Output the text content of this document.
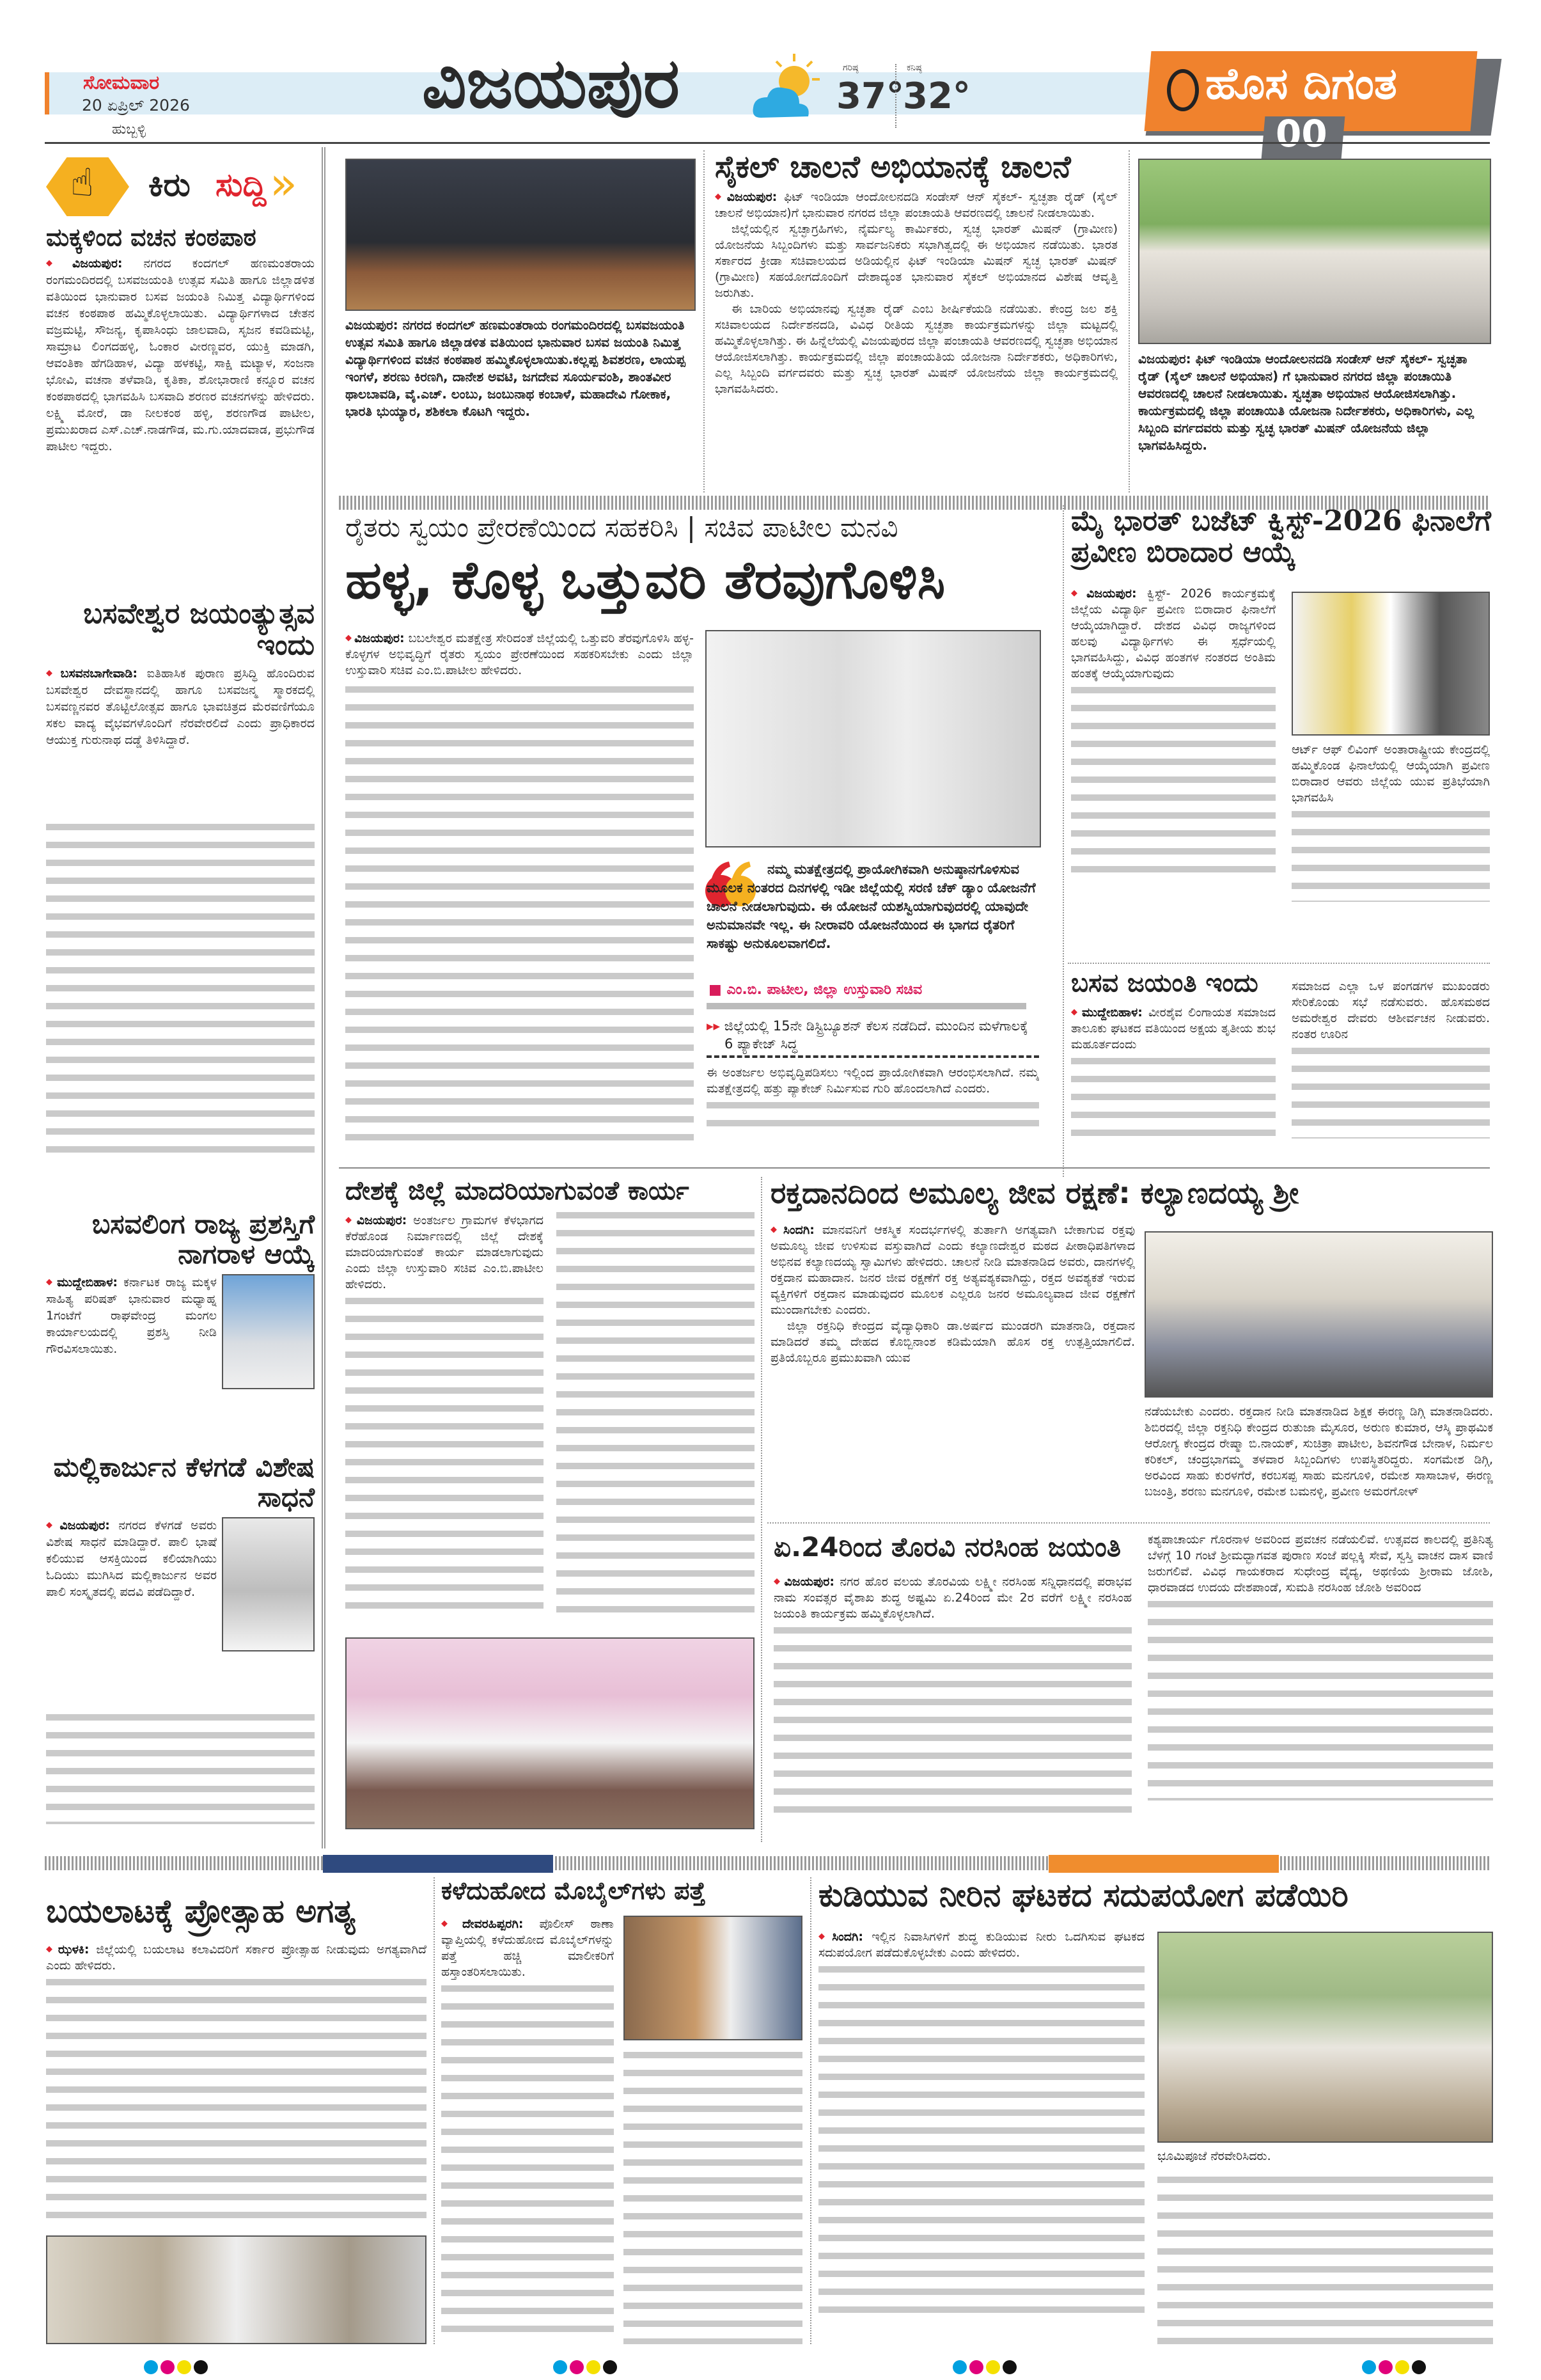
ಸೋಮವಾರ
20 ಏಪ್ರಿಲ್ 2026
ಹುಬ್ಬಳ್ಳಿ
ವಿಜಯಪುರ	ಗರಿಷ್ಠ
37°
ಕನಿಷ್ಠ
32°	ಹೊಸ ದಿಗಂತ
00
☝ ಕಿರು ಸುದ್ದಿ »
ಮಕ್ಕಳಿಂದ ವಚನ ಕಂಠಪಾಠ
◆ ವಿಜಯಪುರ: ನಗರದ ಕಂದಗಲ್ ಹಣಮಂತರಾಯ ರಂಗಮಂದಿರದಲ್ಲಿ ಬಸವಜಯಂತಿ ಉತ್ಸವ ಸಮಿತಿ ಹಾಗೂ ಜಿಲ್ಲಾಡಳಿತ ವತಿಯಿಂದ ಭಾನುವಾರ ಬಸವ ಜಯಂತಿ ನಿಮಿತ್ತ ವಿದ್ಯಾರ್ಥಿಗಳಿಂದ ವಚನ ಕಂಠಪಾಠ ಹಮ್ಮಿಕೊಳ್ಳಲಾಯಿತು. ವಿದ್ಯಾರ್ಥಿಗಳಾದ ಚೇತನ ವಜ್ರಮಟ್ಟಿ, ಸೌಜನ್ಯ, ಕೃಪಾಸಿಂಧು ಜಾಲವಾದಿ, ಸೃಜನ ಕವಡಿಮಟ್ಟಿ, ಸಾಮ್ರಾಟ ಲಿಂಗದಹಳ್ಳಿ, ಓಂಕಾರ ವೀರಣ್ಣವರ, ಯುಕ್ತಿ ಮಾಡಗಿ, ಆವಂತಿಕಾ ಹೆಗಡಿಹಾಳ, ವಿದ್ಯಾ ಹಳಕಟ್ಟಿ, ಸಾಕ್ಷಿ ಮಟ್ಯಾಳ, ಸಂಜನಾ ಭೋವಿ, ವಚನಾ ತಳೆವಾಡಿ, ಕೃತಿಕಾ, ಶೋಭಾರಾಣಿ ಕನ್ನೂರ ವಚನ ಕಂಠಪಾಠದಲ್ಲಿ ಭಾಗವಹಿಸಿ ಬಸವಾದಿ ಶರಣರ ವಚನಗಳನ್ನು ಹೇಳಿದರು. ಲಕ್ಷ್ಮಿ ಮೋರೆ, ಡಾ ನೀಲಕಂಠ ಹಳ್ಳಿ, ಶರಣಗೌಡ ಪಾಟೀಲ, ಪ್ರಮುಖರಾದ ಎಸ್.ಎಚ್.ನಾಡಗೌಡ, ಮ.ಗು.ಯಾದವಾಡ, ಪ್ರಭುಗೌಡ ಪಾಟೀಲ ಇದ್ದರು.
ಬಸವೇಶ್ವರ ಜಯಂತ್ಯುತ್ಸವ ಇಂದು
◆ ಬಸವನಬಾಗೇವಾಡಿ: ಐತಿಹಾಸಿಕ ಪುರಾಣ ಪ್ರಸಿದ್ಧಿ ಹೊಂದಿರುವ ಬಸವೇಶ್ವರ ದೇವಸ್ಥಾನದಲ್ಲಿ ಹಾಗೂ ಬಸವಜನ್ಮ ಸ್ಮಾರಕದಲ್ಲಿ ಬಸವಣ್ಣನವರ ತೊಟ್ಟಿಲೋತ್ಸವ ಹಾಗೂ ಭಾವಚಿತ್ರದ ಮೆರವಣಿಗೆಯೂ ಸಕಲ ವಾದ್ಯ ವೈಭವಗಳೊಂದಿಗೆ ನೆರವೇರಲಿದೆ ಎಂದು ಪ್ರಾಧಿಕಾರದ ಆಯುಕ್ತ ಗುರುನಾಥ ದಡ್ಡೆ ತಿಳಿಸಿದ್ದಾರೆ.
ಬಸವಲಿಂಗ ರಾಜ್ಯ ಪ್ರಶಸ್ತಿಗೆ ನಾಗರಾಳ ಆಯ್ಕೆ
◆ ಮುದ್ದೇಬಿಹಾಳ: ಕರ್ನಾಟಕ ರಾಜ್ಯ ಮಕ್ಕಳ ಸಾಹಿತ್ಯ ಪರಿಷತ್ ಭಾನುವಾರ ಮಧ್ಯಾಹ್ನ 1ಗಂಟೆಗೆ ರಾಘವೇಂದ್ರ ಮಂಗಲ ಕಾರ್ಯಾಲಯದಲ್ಲಿ ಪ್ರಶಸ್ತಿ ನೀಡಿ ಗೌರವಿಸಲಾಯಿತು.
ಮಲ್ಲಿಕಾರ್ಜುನ ಕೆಳಗಡೆ ವಿಶೇಷ ಸಾಧನೆ
◆ ವಿಜಯಪುರ: ನಗರದ ಕೆಳಗಡೆ ಅವರು ವಿಶೇಷ ಸಾಧನೆ ಮಾಡಿದ್ದಾರೆ. ಪಾಲಿ ಭಾಷೆ ಕಲಿಯುವ ಆಸಕ್ತಿಯಿಂದ ಕಲಿಯಾಗಿಯು ಓದಿಯು ಮುಗಿಸಿದ ಮಲ್ಲಿಕಾರ್ಜುನ ಅವರ ಪಾಲಿ ಸಂಸ್ಕೃತದಲ್ಲಿ ಪದವಿ ಪಡೆದಿದ್ದಾರೆ.
ವಿಜಯಪುರ: ನಗರದ ಕಂದಗಲ್ ಹಣಮಂತರಾಯ ರಂಗಮಂದಿರದಲ್ಲಿ ಬಸವಜಯಂತಿ ಉತ್ಸವ ಸಮಿತಿ ಹಾಗೂ ಜಿಲ್ಲಾಡಳಿತ ವತಿಯಿಂದ ಭಾನುವಾರ ಬಸವ ಜಯಂತಿ ನಿಮಿತ್ತ ವಿದ್ಯಾರ್ಥಿಗಳಿಂದ ವಚನ ಕಂಠಪಾಠ ಹಮ್ಮಿಕೊಳ್ಳಲಾಯಿತು.ಕಲ್ಲಪ್ಪ ಶಿವಶರಣ, ಲಾಯಪ್ಪ ಇಂಗಳೆ, ಶರಣು ಕಿರಣಗಿ, ದಾನೇಶ ಅವಟಿ, ಜಗದೇವ ಸೂರ್ಯವಂಶಿ, ಶಾಂತವೀರ ಥಾಲಬಾವಡಿ, ವೈ.ಎಚ್. ಲಂಬು, ಜಂಬುನಾಥ ಕಂಬಾಳೆ, ಮಹಾದೇವಿ ಗೋಕಾಕ, ಭಾರತಿ ಭುಯ್ಯಾರ, ಶಶಿಕಲಾ ಕೊಟಗಿ ಇದ್ದರು.
ಸೈಕಲ್ ಚಾಲನೆ ಅಭಿಯಾನಕ್ಕೆ ಚಾಲನೆ

◆ ವಿಜಯಪುರ: ಫಿಟ್ ಇಂಡಿಯಾ ಆಂದೋಲನದಡಿ ಸಂಡೇಸ್ ಆನ್ ಸೈಕಲ್- ಸ್ವಚ್ಛತಾ ರೈಡ್ (ಸೈಲ್ ಚಾಲನೆ ಅಭಿಯಾನ)ಗೆ ಭಾನುವಾರ ನಗರದ ಜಿಲ್ಲಾ ಪಂಚಾಯತಿ ಆವರಣದಲ್ಲಿ ಚಾಲನೆ ನೀಡಲಾಯಿತು.

ಜಿಲ್ಲೆಯಲ್ಲಿನ ಸ್ವಚ್ಛಾಗ್ರಹಿಗಳು, ನೈರ್ಮಲ್ಯ ಕಾರ್ಮಿಕರು, ಸ್ವಚ್ಛ ಭಾರತ್ ಮಿಷನ್ (ಗ್ರಾಮೀಣ) ಯೋಜನೆಯ ಸಿಬ್ಬಂದಿಗಳು ಮತ್ತು ಸಾರ್ವಜನಿಕರು ಸಭಾಗಿತ್ವದಲ್ಲಿ ಈ ಅಭಿಯಾನ ನಡೆಯಿತು. ಭಾರತ ಸರ್ಕಾರದ ಕ್ರೀಡಾ ಸಚಿವಾಲಯದ ಅಡಿಯಲ್ಲಿನ ಫಿಟ್ ಇಂಡಿಯಾ ಮಿಷನ್ ಸ್ವಚ್ಛ ಭಾರತ್ ಮಿಷನ್ (ಗ್ರಾಮೀಣ) ಸಹಯೋಗದೊಂದಿಗೆ ದೇಶಾದ್ಯಂತ ಭಾನುವಾರ ಸೈಕಲ್ ಅಭಿಯಾನದ ವಿಶೇಷ ಆವೃತ್ತಿ ಜರುಗಿತು.

ಈ ಬಾರಿಯ ಅಭಿಯಾನವು ಸ್ವಚ್ಛತಾ ರೈಡ್ ಎಂಬ ಶೀರ್ಷಿಕೆಯಡಿ ನಡೆಯಿತು. ಕೇಂದ್ರ ಜಲ ಶಕ್ತಿ ಸಚಿವಾಲಯದ ನಿರ್ದೇಶನದಡಿ, ವಿವಿಧ ರೀತಿಯ ಸ್ವಚ್ಛತಾ ಕಾರ್ಯಕ್ರಮಗಳನ್ನು ಜಿಲ್ಲಾ ಮಟ್ಟದಲ್ಲಿ ಹಮ್ಮಿಕೊಳ್ಳಲಾಗಿತ್ತು. ಈ ಹಿನ್ನೆಲೆಯಲ್ಲಿ ವಿಜಯಪುರದ ಜಿಲ್ಲಾ ಪಂಚಾಯತಿ ಆವರಣದಲ್ಲಿ ಸ್ವಚ್ಛತಾ ಅಭಿಯಾನ ಆಯೋಜಿಸಲಾಗಿತ್ತು. ಕಾರ್ಯಕ್ರಮದಲ್ಲಿ ಜಿಲ್ಲಾ ಪಂಚಾಯತಿಯ ಯೋಜನಾ ನಿರ್ದೇಶಕರು, ಅಧಿಕಾರಿಗಳು, ಎಲ್ಲ ಸಿಬ್ಬಂದಿ ವರ್ಗದವರು ಮತ್ತು ಸ್ವಚ್ಛ ಭಾರತ್ ಮಿಷನ್ ಯೋಜನೆಯ ಜಿಲ್ಲಾ ಕಾರ್ಯಕ್ರಮದಲ್ಲಿ ಭಾಗವಹಿಸಿದರು.

ವಿಜಯಪುರ: ಫಿಟ್ ಇಂಡಿಯಾ ಆಂದೋಲನದಡಿ ಸಂಡೇಸ್ ಆನ್ ಸೈಕಲ್- ಸ್ವಚ್ಛತಾ ರೈಡ್ (ಸೈಲ್ ಚಾಲನೆ ಅಭಿಯಾನ) ಗೆ ಭಾನುವಾರ ನಗರದ ಜಿಲ್ಲಾ ಪಂಚಾಯಿತಿ ಆವರಣದಲ್ಲಿ ಚಾಲನೆ ನೀಡಲಾಯಿತು. ಸ್ವಚ್ಛತಾ ಅಭಿಯಾನ ಆಯೋಜಿಸಲಾಗಿತ್ತು. ಕಾರ್ಯಕ್ರಮದಲ್ಲಿ ಜಿಲ್ಲಾ ಪಂಚಾಯಿತಿ ಯೋಜನಾ ನಿರ್ದೇಶಕರು, ಅಧಿಕಾರಿಗಳು, ಎಲ್ಲ ಸಿಬ್ಬಂದಿ ವರ್ಗದವರು ಮತ್ತು ಸ್ವಚ್ಛ ಭಾರತ್ ಮಿಷನ್ ಯೋಜನೆಯ ಜಿಲ್ಲಾ ಭಾಗವಹಿಸಿದ್ದರು.
ರೈತರು ಸ್ವಯಂ ಪ್ರೇರಣೆಯಿಂದ ಸಹಕರಿಸಿ | ಸಚಿವ ಪಾಟೀಲ ಮನವಿ
ಹಳ್ಳ, ಕೊಳ್ಳ ಒತ್ತುವರಿ ತೆರವುಗೊಳಿಸಿ
◆ ವಿಜಯಪುರ: ಬಬಲೇಶ್ವರ ಮತಕ್ಷೇತ್ರ ಸೇರಿದಂತೆ ಜಿಲ್ಲೆಯಲ್ಲಿ ಒತ್ತುವರಿ ತೆರವುಗೊಳಿಸಿ ಹಳ್ಳ-ಕೊಳ್ಳಗಳ ಅಭಿವೃದ್ಧಿಗೆ ರೈತರು ಸ್ವಯಂ ಪ್ರೇರಣೆಯಿಂದ ಸಹಕರಿಸಬೇಕು ಎಂದು ಜಿಲ್ಲಾ ಉಸ್ತುವಾರಿ ಸಚಿವ ಎಂ.ಬಿ.ಪಾಟೀಲ ಹೇಳಿದರು.
ನಮ್ಮ ಮತಕ್ಷೇತ್ರದಲ್ಲಿ ಪ್ರಾಯೋಗಿಕವಾಗಿ ಅನುಷ್ಠಾನಗೊಳಿಸುವ ಮೂಲಕ ನಂತರದ ದಿನಗಳಲ್ಲಿ ಇಡೀ ಜಿಲ್ಲೆಯಲ್ಲಿ ಸರಣಿ ಚೆಕ್ ಡ್ಯಾಂ ಯೋಜನೆಗೆ ಚಾಲನೆ ನೀಡಲಾಗುವುದು. ಈ ಯೋಜನೆ ಯಶಸ್ವಿಯಾಗುವುದರಲ್ಲಿ ಯಾವುದೇ ಅನುಮಾನವೇ ಇಲ್ಲ. ಈ ನೀರಾವರಿ ಯೋಜನೆಯಿಂದ ಈ ಭಾಗದ ರೈತರಿಗೆ ಸಾಕಷ್ಟು ಅನುಕೂಲವಾಗಲಿದೆ.
■ ಎಂ.ಬಿ. ಪಾಟೀಲ, ಜಿಲ್ಲಾ ಉಸ್ತುವಾರಿ ಸಚಿವ
▸▸ ಜಿಲ್ಲೆಯಲ್ಲಿ 15ನೇ ಡಿಸ್ಟ್ರಿಬ್ಯೂಶನ್ ಕೆಲಸ ನಡೆದಿದೆ. ಮುಂದಿನ ಮಳೆಗಾಲಕ್ಕೆ 6 ಪ್ಯಾಕೇಜ್ ಸಿದ್ಧ
ಈ ಅಂತರ್ಜಲ ಅಭಿವೃದ್ಧಿಪಡಿಸಲು ಇಲ್ಲಿಂದ ಪ್ರಾಯೋಗಿಕವಾಗಿ ಆರಂಭಿಸಲಾಗಿದೆ. ನಮ್ಮ ಮತಕ್ಷೇತ್ರದಲ್ಲಿ ಹತ್ತು ಪ್ಯಾಕೇಜ್ ನಿರ್ಮಿಸುವ ಗುರಿ ಹೊಂದಲಾಗಿದೆ ಎಂದರು.
ಮೈ ಭಾರತ್ ಬಜೆಟ್ ಕ್ವಿಸ್ಟ್-2026 ಫಿನಾಲೆಗೆ ಪ್ರವೀಣ ಬಿರಾದಾರ ಆಯ್ಕೆ
◆ ವಿಜಯಪುರ: ಕ್ವಿಸ್ಟ್- 2026 ಕಾರ್ಯಕ್ರಮಕ್ಕೆ ಜಿಲ್ಲೆಯ ವಿದ್ಯಾರ್ಥಿ ಪ್ರವೀಣ ಬಿರಾದಾರ ಫಿನಾಲೆಗೆ ಆಯ್ಕೆಯಾಗಿದ್ದಾರೆ. ದೇಶದ ವಿವಿಧ ರಾಜ್ಯಗಳಿಂದ ಹಲವು ವಿದ್ಯಾರ್ಥಿಗಳು ಈ ಸ್ಪರ್ಧೆಯಲ್ಲಿ ಭಾಗವಹಿಸಿದ್ದು, ವಿವಿಧ ಹಂತಗಳ ನಂತರದ ಅಂತಿಮ ಹಂತಕ್ಕೆ ಆಯ್ಕೆಯಾಗುವುದು
ಆರ್ಟ್ ಆಫ್ ಲಿವಿಂಗ್ ಅಂತಾರಾಷ್ಟ್ರೀಯ ಕೇಂದ್ರದಲ್ಲಿ ಹಮ್ಮಿಕೊಂಡ ಫಿನಾಲೆಯಲ್ಲಿ ಆಯ್ಕೆಯಾಗಿ ಪ್ರವೀಣ ಬಿರಾದಾರ ಆವರು ಜಿಲ್ಲೆಯ ಯುವ ಪ್ರತಿಭೆಯಾಗಿ ಭಾಗವಹಿಸಿ
ಬಸವ ಜಯಂತಿ ಇಂದು
◆ ಮುದ್ದೇಬಿಹಾಳ: ವೀರಶೈವ ಲಿಂಗಾಯತ ಸಮಾಜದ ತಾಲೂಕು ಘಟಕದ ವತಿಯಿಂದ ಅಕ್ಷಯ ತೃತೀಯ ಶುಭ ಮಹೂರ್ತದಂದು
ಸಮಾಜದ ಎಲ್ಲಾ ಒಳ ಪಂಗಡಗಳ ಮುಖಂಡರು ಸೇರಿಕೊಂಡು ಸಭೆ ನಡೆಸುವರು. ಹೊಸಮಠದ ಅಮರೇಶ್ವರ ದೇವರು ಆಶೀರ್ವಚನ ನೀಡುವರು. ನಂತರ ಊರಿನ
ದೇಶಕ್ಕೆ ಜಿಲ್ಲೆ ಮಾದರಿಯಾಗುವಂತೆ ಕಾರ್ಯ
◆ ವಿಜಯಪುರ: ಅಂತರ್ಜಲ ಗ್ರಾಮಗಳ ಕೆಳಭಾಗದ ಕೆರೆಹೊಂಡ ನಿರ್ಮಾಣದಲ್ಲಿ ಜಿಲ್ಲೆ ದೇಶಕ್ಕೆ ಮಾದರಿಯಾಗುವಂತೆ ಕಾರ್ಯ ಮಾಡಲಾಗುವುದು ಎಂದು ಜಿಲ್ಲಾ ಉಸ್ತುವಾರಿ ಸಚಿವ ಎಂ.ಬಿ.ಪಾಟೀಲ ಹೇಳಿದರು.
ರಕ್ತದಾನದಿಂದ ಅಮೂಲ್ಯ ಜೀವ ರಕ್ಷಣೆ: ಕಲ್ಯಾಣದಯ್ಯ ಶ್ರೀ
◆ ಸಿಂದಗಿ: ಮಾನವನಿಗೆ ಆಕಸ್ಮಿಕ ಸಂದರ್ಭಗಳಲ್ಲಿ ತುರ್ತಾಗಿ ಅಗತ್ಯವಾಗಿ ಬೇಕಾಗುವ ರಕ್ತವು ಅಮೂಲ್ಯ ಜೀವ ಉಳಿಸುವ ವಸ್ತುವಾಗಿದೆ ಎಂದು ಕಲ್ಯಾಣದೇಶ್ವರ ಮಠದ ಪೀಠಾಧಿಪತಿಗಳಾದ ಅಭಿನವ ಕಲ್ಯಾಣದಯ್ಯ ಸ್ವಾಮಿಗಳು ಹೇಳಿದರು. ಚಾಲನೆ ನೀಡಿ ಮಾತನಾಡಿದ ಅವರು, ದಾನಗಳಲ್ಲಿ ರಕ್ತದಾನ ಮಹಾದಾನ. ಜನರ ಜೀವ ರಕ್ಷಣೆಗೆ ರಕ್ತ ಅತ್ಯವಶ್ಯಕವಾಗಿದ್ದು, ರಕ್ತದ ಅವಶ್ಯಕತೆ ಇರುವ ವ್ಯಕ್ತಿಗಳಿಗೆ ರಕ್ತದಾನ ಮಾಡುವುದರ ಮೂಲಕ ಎಲ್ಲರೂ ಜನರ ಅಮೂಲ್ಯವಾದ ಜೀವ ರಕ್ಷಣೆಗೆ ಮುಂದಾಗಬೇಕು ಎಂದರು.

ಜಿಲ್ಲಾ ರಕ್ತನಿಧಿ ಕೇಂದ್ರದ ವೈದ್ಯಾಧಿಕಾರಿ ಡಾ.ಅರ್ಷದ ಮುಂಡರಗಿ ಮಾತನಾಡಿ, ರಕ್ತದಾನ ಮಾಡಿದರೆ ತಮ್ಮ ದೇಹದ ಕೊಬ್ಬಿನಾಂಶ ಕಡಿಮೆಯಾಗಿ ಹೊಸ ರಕ್ತ ಉತ್ಪತ್ತಿಯಾಗಲಿದೆ. ಪ್ರತಿಯೊಬ್ಬರೂ ಪ್ರಮುಖವಾಗಿ ಯುವ

ನಡೆಯಬೇಕು ಎಂದರು. ರಕ್ತದಾನ ನೀಡಿ ಮಾತನಾಡಿದ ಶಿಕ್ಷಕ ಈರಣ್ಣ ಡಿಗ್ಗಿ ಮಾತನಾಡಿದರು. ಶಿಬಿರದಲ್ಲಿ ಜಿಲ್ಲಾ ರಕ್ತನಿಧಿ ಕೇಂದ್ರದ ರುತುಜಾ ಮೈಸೂರ, ಅರುಣ ಕುಮಾರ, ಆಸ್ಕಿ ಪ್ರಾಥಮಿಕ ಆರೋಗ್ಯ ಕೇಂದ್ರದ ರೇಷ್ಮಾ ಬಿ.ನಾಯಕ್, ಸುಚಿತ್ರಾ ಪಾಟೀಲ, ಶಿವನಗೌಡ ಬೇನಾಳ, ನಿರ್ಮಲ ಕರಿಕಲ್, ಚಂದ್ರಭಾಗಮ್ಮ ತಳವಾರ ಸಿಬ್ಬಂದಿಗಳು ಉಪಸ್ಥಿತರಿದ್ದರು. ಸಂಗಮೇಶ ಡಿಗ್ಗಿ, ಅರವಿಂದ ಸಾಹು ಕುರಳಗೆರೆ, ಕರಬಸಪ್ಪ ಸಾಹು ಮನಗೂಳಿ, ರಮೇಶ ಸಾಸಾಬಾಳ, ಈರಣ್ಣ ಬಜಂತ್ರಿ, ಶರಣು ಮನಗೂಳಿ, ರಮೇಶ ಬಮನಳ್ಳಿ, ಪ್ರವೀಣ ಅಮರಗೋಳ್
ಏ.24ರಿಂದ ತೊರವಿ ನರಸಿಂಹ ಜಯಂತಿ
◆ ವಿಜಯಪುರ: ನಗರ ಹೊರ ವಲಯ ತೊರವಿಯ ಲಕ್ಷ್ಮೀ ನರಸಿಂಹ ಸನ್ನಿಧಾನದಲ್ಲಿ ಪರಾಭವ ನಾಮ ಸಂವತ್ಸರ ವೈಶಾಖ ಶುದ್ಧ ಅಷ್ಟಮಿ ಏ.24ರಿಂದ ಮೇ 2ರ ವರೆಗೆ ಲಕ್ಷ್ಮೀ ನರಸಿಂಹ ಜಯಂತಿ ಕಾರ್ಯಕ್ರಮ ಹಮ್ಮಿಕೊಳ್ಳಲಾಗಿದೆ.
ಕಶ್ಯಪಾಚಾರ್ಯ ಗೊರನಾಳ ಅವರಿಂದ ಪ್ರವಚನ ನಡೆಯಲಿವೆ. ಉತ್ಸವದ ಕಾಲದಲ್ಲಿ ಪ್ರತಿನಿತ್ಯ ಬೆಳಗ್ಗೆ 10 ಗಂಟೆ ಶ್ರೀಮದ್ಭಾಗವತ ಪುರಾಣ ಸಂಜೆ ಪಲ್ಲಕ್ಕಿ ಸೇವೆ, ಸ್ವಸ್ತಿ ವಾಚನ ದಾಸ ವಾಣಿ ಜರುಗಲಿವೆ. ವಿವಿಧ ಗಾಯಕರಾದ ಸುಧೇಂದ್ರ ವೈದ್ಯ, ಅಥಣಿಯ ಶ್ರೀರಾಮ ಜೋಶಿ, ಧಾರವಾಡದ ಉದಯ ದೇಶಪಾಂಡೆ, ಸುಮತಿ ನರಸಿಂಹ ಜೋಶಿ ಅವರಿಂದ
ಬಯಲಾಟಕ್ಕೆ ಪ್ರೋತ್ಸಾಹ ಅಗತ್ಯ
◆ ಝಳಕಿ: ಜಿಲ್ಲೆಯಲ್ಲಿ ಬಯಲಾಟ ಕಲಾವಿದರಿಗೆ ಸರ್ಕಾರ ಪ್ರೋತ್ಸಾಹ ನೀಡುವುದು ಅಗತ್ಯವಾಗಿದೆ ಎಂದು ಹೇಳಿದರು.
ಕಳೆದುಹೋದ ಮೊಬೈಲ್‌ಗಳು ಪತ್ತೆ
◆ ದೇವರಹಿಪ್ಪರಗಿ: ಪೊಲೀಸ್ ಠಾಣಾ ವ್ಯಾಪ್ತಿಯಲ್ಲಿ ಕಳೆದುಹೋದ ಮೊಬೈಲ್‌ಗಳನ್ನು ಪತ್ತೆ ಹಚ್ಚಿ ಮಾಲೀಕರಿಗೆ ಹಸ್ತಾಂತರಿಸಲಾಯಿತು.
ಕುಡಿಯುವ ನೀರಿನ ಘಟಕದ ಸದುಪಯೋಗ ಪಡೆಯಿರಿ
◆ ಸಿಂದಗಿ: ಇಲ್ಲಿನ ನಿವಾಸಿಗಳಿಗೆ ಶುದ್ಧ ಕುಡಿಯುವ ನೀರು ಒದಗಿಸುವ ಘಟಕದ ಸದುಪಯೋಗ ಪಡೆದುಕೊಳ್ಳಬೇಕು ಎಂದು ಹೇಳಿದರು.
ಭೂಮಿಪೂಜೆ ನೆರವೇರಿಸಿದರು.
